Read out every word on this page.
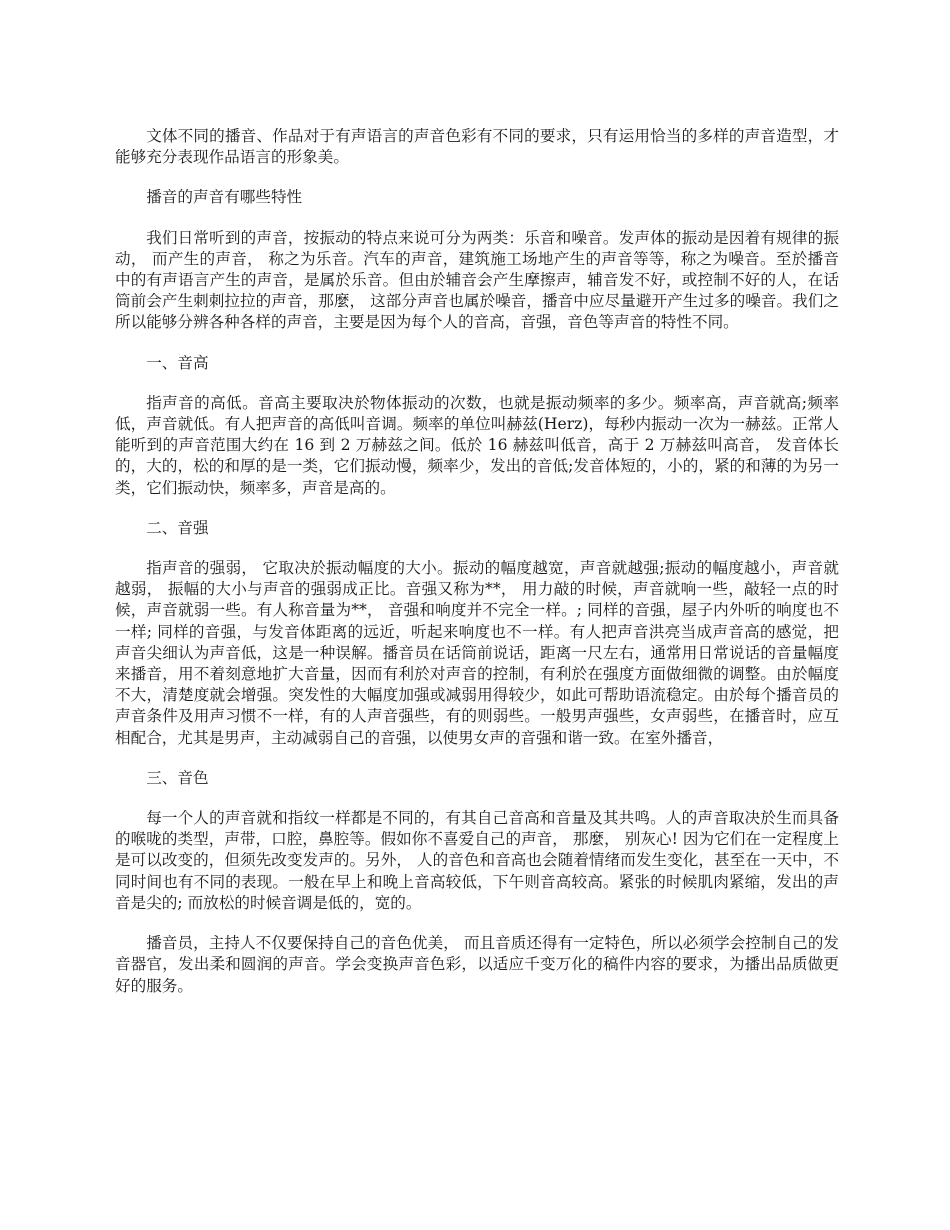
文体不同的播音、作品对于有声语言的声音色彩有不同的要求，只有运用恰当的多样的声音造型，才能够充分表现作品语言的形象美。

播音的声音有哪些特性

我们日常听到的声音，按振动的特点来说可分为两类：乐音和噪音。发声体的振动是因着有规律的振动， 而产生的声音， 称之为乐音。汽车的声音，建筑施工场地产生的声音等等，称之为噪音。至於播音中的有声语言产生的声音，是属於乐音。但由於辅音会产生摩擦声，辅音发不好，或控制不好的人，在话筒前会产生刺刺拉拉的声音，那麼， 这部分声音也属於噪音，播音中应尽量避开产生过多的噪音。我们之所以能够分辨各种各样的声音，主要是因为每个人的音高，音强，音色等声音的特性不同。

一、音高

指声音的高低。音高主要取决於物体振动的次数，也就是振动频率的多少。频率高，声音就高;频率低，声音就低。有人把声音的高低叫音调。频率的单位叫赫兹(Herz)，每秒内振动一次为一赫兹。正常人能听到的声音范围大约在 16 到 2 万赫兹之间。低於 16 赫兹叫低音，高于 2 万赫兹叫高音， 发音体长的，大的，松的和厚的是一类，它们振动慢，频率少，发出的音低;发音体短的，小的，紧的和薄的为另一类，它们振动快，频率多，声音是高的。

二、音强

指声音的强弱， 它取决於振动幅度的大小。振动的幅度越宽，声音就越强;振动的幅度越小，声音就越弱， 振幅的大小与声音的强弱成正比。音强又称为**， 用力敲的时候，声音就响一些，敲轻一点的时候，声音就弱一些。有人称音量为**， 音强和响度并不完全一样。; 同样的音强，屋子内外听的响度也不一样; 同样的音强，与发音体距离的远近，听起来响度也不一样。有人把声音洪亮当成声音高的感觉，把声音尖细认为声音低，这是一种误解。播音员在话筒前说话，距离一尺左右，通常用日常说话的音量幅度来播音，用不着刻意地扩大音量，因而有利於对声音的控制，有利於在强度方面做细微的调整。由於幅度不大，清楚度就会增强。突发性的大幅度加强或减弱用得较少，如此可帮助语流稳定。由於每个播音员的声音条件及用声习惯不一样，有的人声音强些，有的则弱些。一般男声强些，女声弱些，在播音时，应互相配合，尤其是男声，主动减弱自己的音强，以使男女声的音强和谐一致。在室外播音，

三、音色

每一个人的声音就和指纹一样都是不同的，有其自己音高和音量及其共鸣。人的声音取决於生而具备的喉咙的类型，声带，口腔，鼻腔等。假如你不喜爱自己的声音， 那麼， 别灰心! 因为它们在一定程度上是可以改变的，但须先改变发声的。另外， 人的音色和音高也会随着情绪而发生变化，甚至在一天中，不同时间也有不同的表现。一般在早上和晚上音高较低，下午则音高较高。紧张的时候肌肉紧缩，发出的声音是尖的; 而放松的时候音调是低的，宽的。

播音员，主持人不仅要保持自己的音色优美， 而且音质还得有一定特色，所以必须学会控制自己的发音器官，发出柔和圆润的声音。学会变换声音色彩，以适应千变万化的稿件内容的要求，为播出品质做更好的服务。
